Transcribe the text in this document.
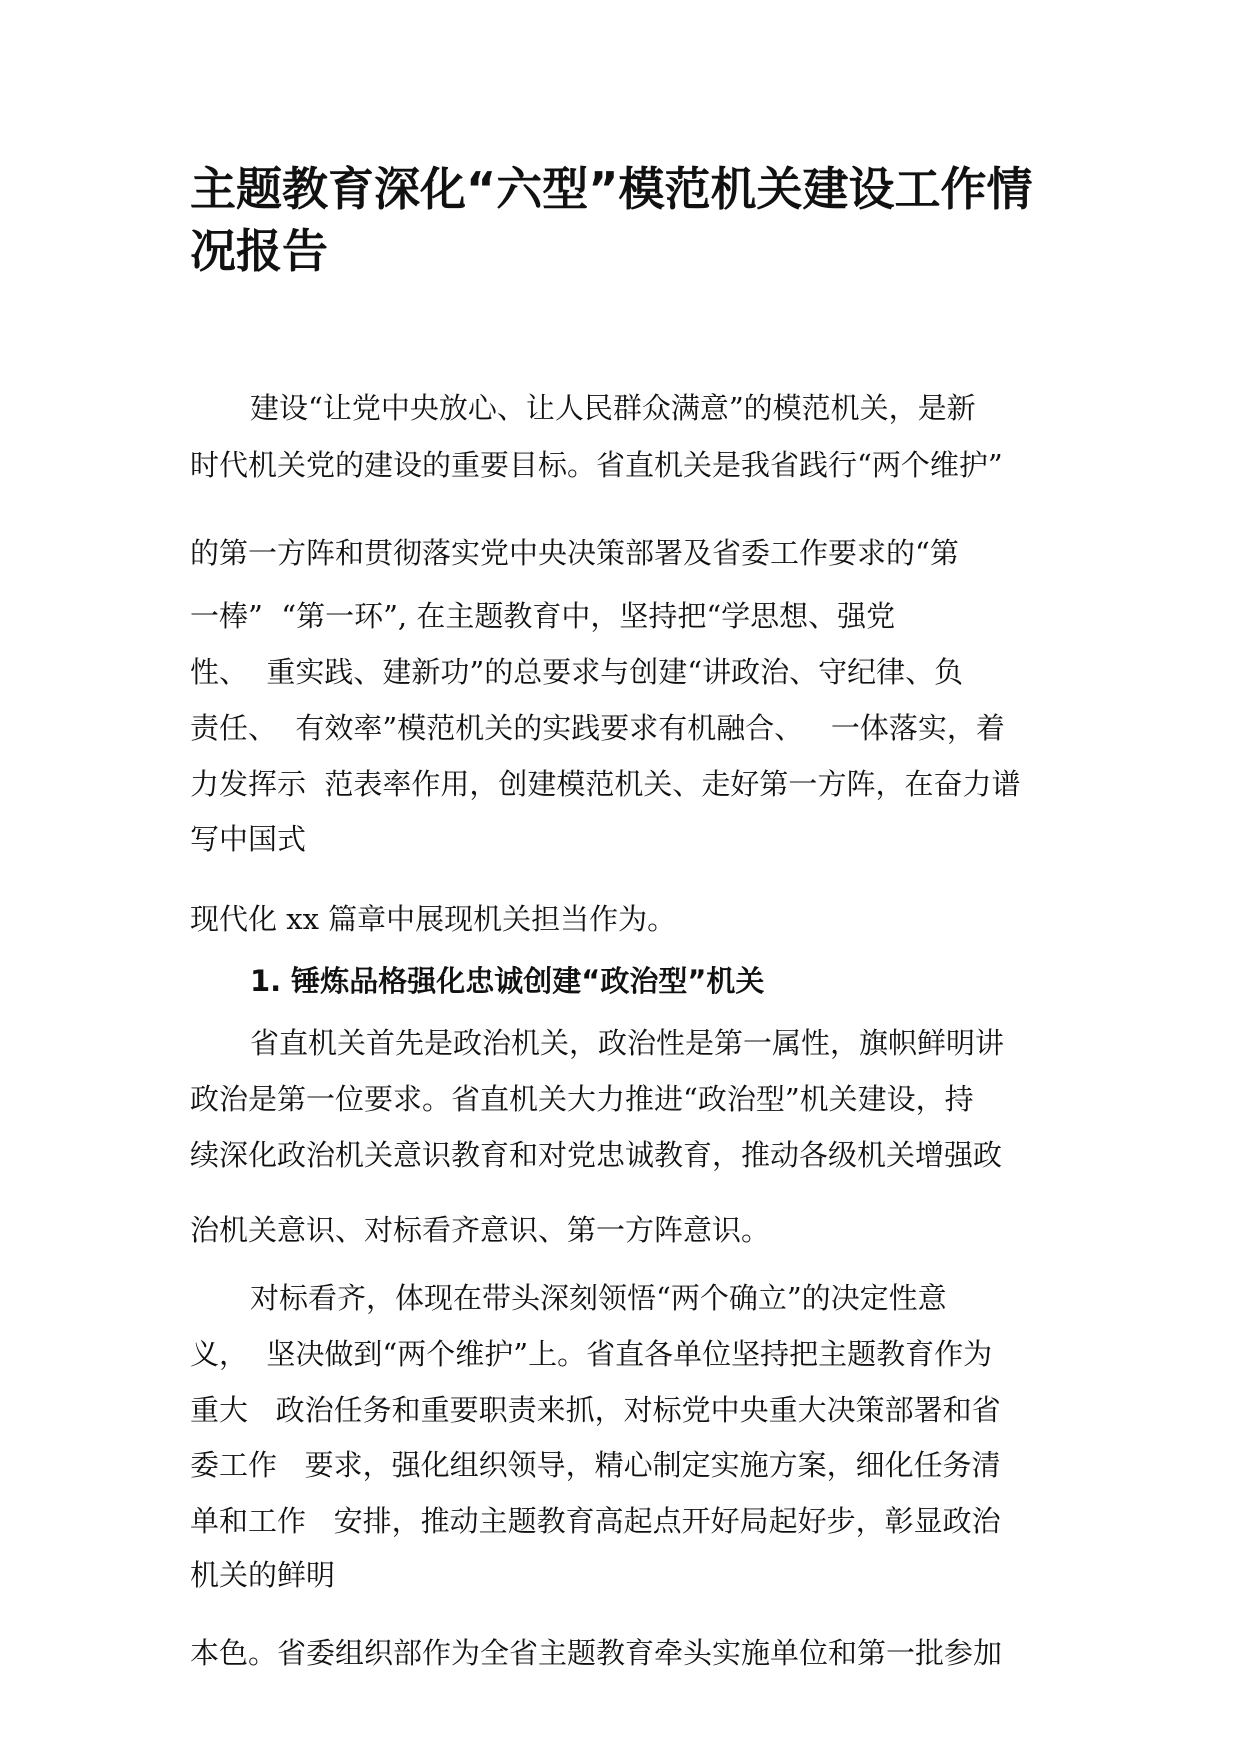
主题教育深化“六型”模范机关建设工作情况报告

建设“让党中央放心、让人民群众满意”的模范机关，是新

时代机关党的建设的重要目标。省直机关是我省践行“两个维护”

的第一方阵和贯彻落实党中央决策部署及省委工作要求的“第

一棒”  “第一环”, 在主题教育中，坚持把“学思想、强党

性、  重实践、建新功”的总要求与创建“讲政治、守纪律、负

责任、  有效率”模范机关的实践要求有机融合、   一体落实，着

力发挥示  范表率作用，创建模范机关、走好第一方阵，在奋力谱

写中国式

现代化 xx 篇章中展现机关担当作为。

1. 锤炼品格强化忠诚创建“政治型”机关

省直机关首先是政治机关，政治性是第一属性，旗帜鲜明讲

政治是第一位要求。省直机关大力推进“政治型”机关建设，持

续深化政治机关意识教育和对党忠诚教育，推动各级机关增强政

治机关意识、对标看齐意识、第一方阵意识。

对标看齐，体现在带头深刻领悟“两个确立”的决定性意

义，  坚决做到“两个维护”上。省直各单位坚持把主题教育作为

重大   政治任务和重要职责来抓，对标党中央重大决策部署和省

委工作   要求，强化组织领导，精心制定实施方案，细化任务清

单和工作   安排，推动主题教育高起点开好局起好步，彰显政治

机关的鲜明

本色。省委组织部作为全省主题教育牵头实施单位和第一批参加
